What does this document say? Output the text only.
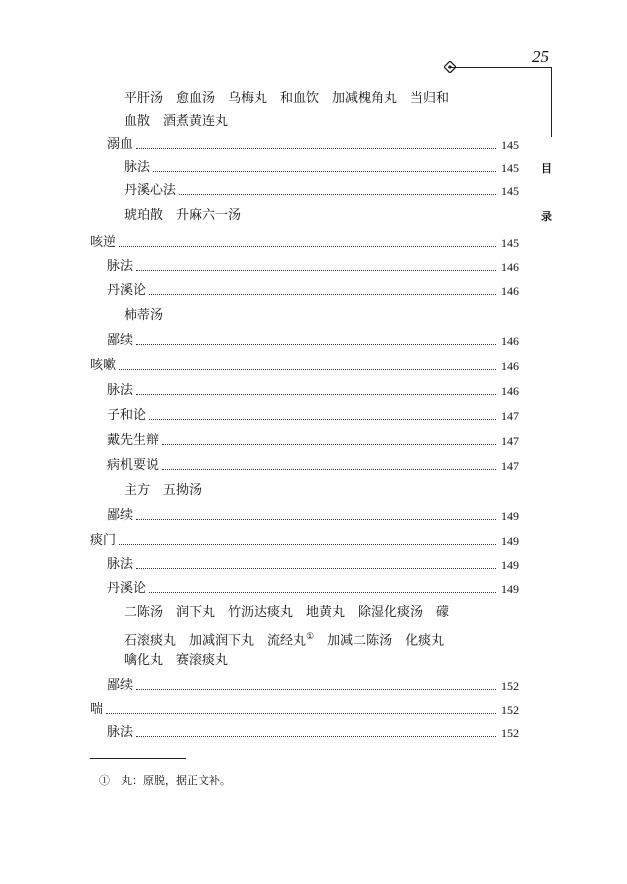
25
目
录
平肝汤　愈血汤　乌梅丸　和血饮　加减槐角丸　当归和
血散　酒煮黄连丸
溺血	145
脉法	145
丹溪心法	145
琥珀散　升麻六一汤
咳逆	145
脉法	146
丹溪论	146
柿蒂汤
鄙续	146
咳嗽	146
脉法	146
子和论	147
戴先生辩	147
病机要说	147
主方　五拗汤
鄙续	149
痰门	149
脉法	149
丹溪论	149
二陈汤　润下丸　竹沥达痰丸　地黄丸　除湿化痰汤　礞
石滚痰丸　加减润下丸　流经丸①　 加减二陈汤　化痰丸
噙化丸　赛滚痰丸
鄙续	152
喘	152
脉法	152
①　丸：原脱，据正文补。
